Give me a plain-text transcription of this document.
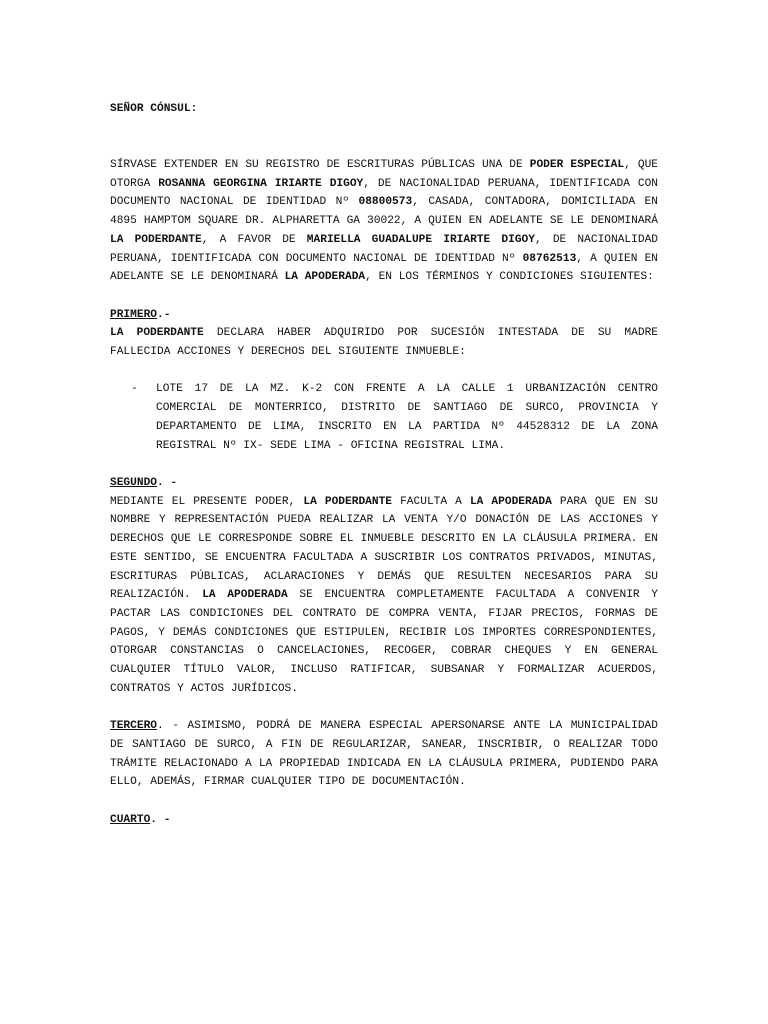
SEÑOR CÓNSUL:

SÍRVASE EXTENDER EN SU REGISTRO DE ESCRITURAS PÚBLICAS UNA DE PODER ESPECIAL, QUE OTORGA ROSANNA GEORGINA IRIARTE DIGOY, DE NACIONALIDAD PERUANA, IDENTIFICADA CON DOCUMENTO NACIONAL DE IDENTIDAD Nº 08800573, CASADA, CONTADORA, DOMICILIADA EN 4895 HAMPTOM SQUARE DR. ALPHARETTA GA 30022, A QUIEN EN ADELANTE SE LE DENOMINARÁ LA PODERDANTE, A FAVOR DE MARIELLA GUADALUPE IRIARTE DIGOY, DE NACIONALIDAD PERUANA, IDENTIFICADA CON DOCUMENTO NACIONAL DE IDENTIDAD Nº 08762513, A QUIEN EN ADELANTE SE LE DENOMINARÁ LA APODERADA, EN LOS TÉRMINOS Y CONDICIONES SIGUIENTES:

PRIMERO.-

LA PODERDANTE DECLARA HABER ADQUIRIDO POR SUCESIÓN INTESTADA DE SU MADRE FALLECIDA ACCIONES Y DERECHOS DEL SIGUIENTE INMUEBLE:

- LOTE 17 DE LA MZ. K-2 CON FRENTE A LA CALLE 1 URBANIZACIÓN CENTRO COMERCIAL DE MONTERRICO, DISTRITO DE SANTIAGO DE SURCO, PROVINCIA Y DEPARTAMENTO DE LIMA, INSCRITO EN LA PARTIDA Nº 44528312 DE LA ZONA REGISTRAL Nº IX- SEDE LIMA - OFICINA REGISTRAL LIMA.

SEGUNDO. -

MEDIANTE EL PRESENTE PODER, LA PODERDANTE FACULTA A LA APODERADA PARA QUE EN SU NOMBRE Y REPRESENTACIÓN PUEDA REALIZAR LA VENTA Y/O DONACIÓN DE LAS ACCIONES Y DERECHOS QUE LE CORRESPONDE SOBRE EL INMUEBLE DESCRITO EN LA CLÁUSULA PRIMERA. EN ESTE SENTIDO, SE ENCUENTRA FACULTADA A SUSCRIBIR LOS CONTRATOS PRIVADOS, MINUTAS, ESCRITURAS PÚBLICAS, ACLARACIONES Y DEMÁS QUE RESULTEN NECESARIOS PARA SU REALIZACIÓN. LA APODERADA SE ENCUENTRA COMPLETAMENTE FACULTADA A CONVENIR Y PACTAR LAS CONDICIONES DEL CONTRATO DE COMPRA VENTA, FIJAR PRECIOS, FORMAS DE PAGOS, Y DEMÁS CONDICIONES QUE ESTIPULEN, RECIBIR LOS IMPORTES CORRESPONDIENTES, OTORGAR CONSTANCIAS O CANCELACIONES, RECOGER, COBRAR CHEQUES Y EN GENERAL CUALQUIER TÍTULO VALOR, INCLUSO RATIFICAR, SUBSANAR Y FORMALIZAR ACUERDOS, CONTRATOS Y ACTOS JURÍDICOS.

TERCERO. - ASIMISMO, PODRÁ DE MANERA ESPECIAL APERSONARSE ANTE LA MUNICIPALIDAD DE SANTIAGO DE SURCO, A FIN DE REGULARIZAR, SANEAR, INSCRIBIR, O REALIZAR TODO TRÁMITE RELACIONADO A LA PROPIEDAD INDICADA EN LA CLÁUSULA PRIMERA, PUDIENDO PARA ELLO, ADEMÁS, FIRMAR CUALQUIER TIPO DE DOCUMENTACIÓN.

CUARTO. -
